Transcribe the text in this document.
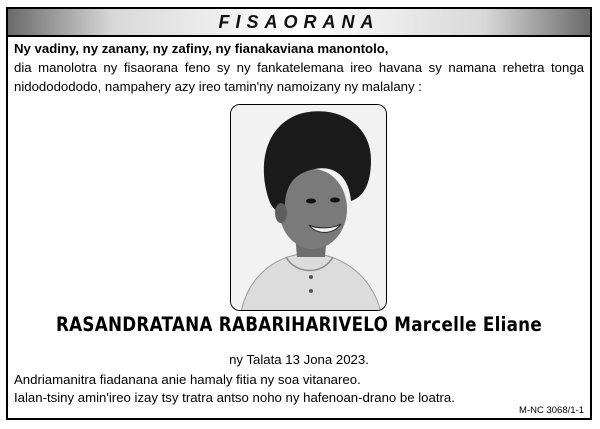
FISAORANA
Ny vadiny, ny zanany, ny zafiny, ny fianakaviana manontolo,
dia manolotra ny fisaorana feno sy ny fankatelemana ireo havana sy namana rehetra tonga nidododododo, nampahery azy ireo tamin'ny namoizany ny malalany :
RASANDRATANA RABARIHARIVELO Marcelle Eliane
ny Talata 13 Jona 2023.
Andriamanitra fiadanana anie hamaly fitia ny soa vitanareo.
Ialan-tsiny amin'ireo izay tsy tratra antso noho ny hafenoan-drano be loatra.
M-NC 3068/1-1
